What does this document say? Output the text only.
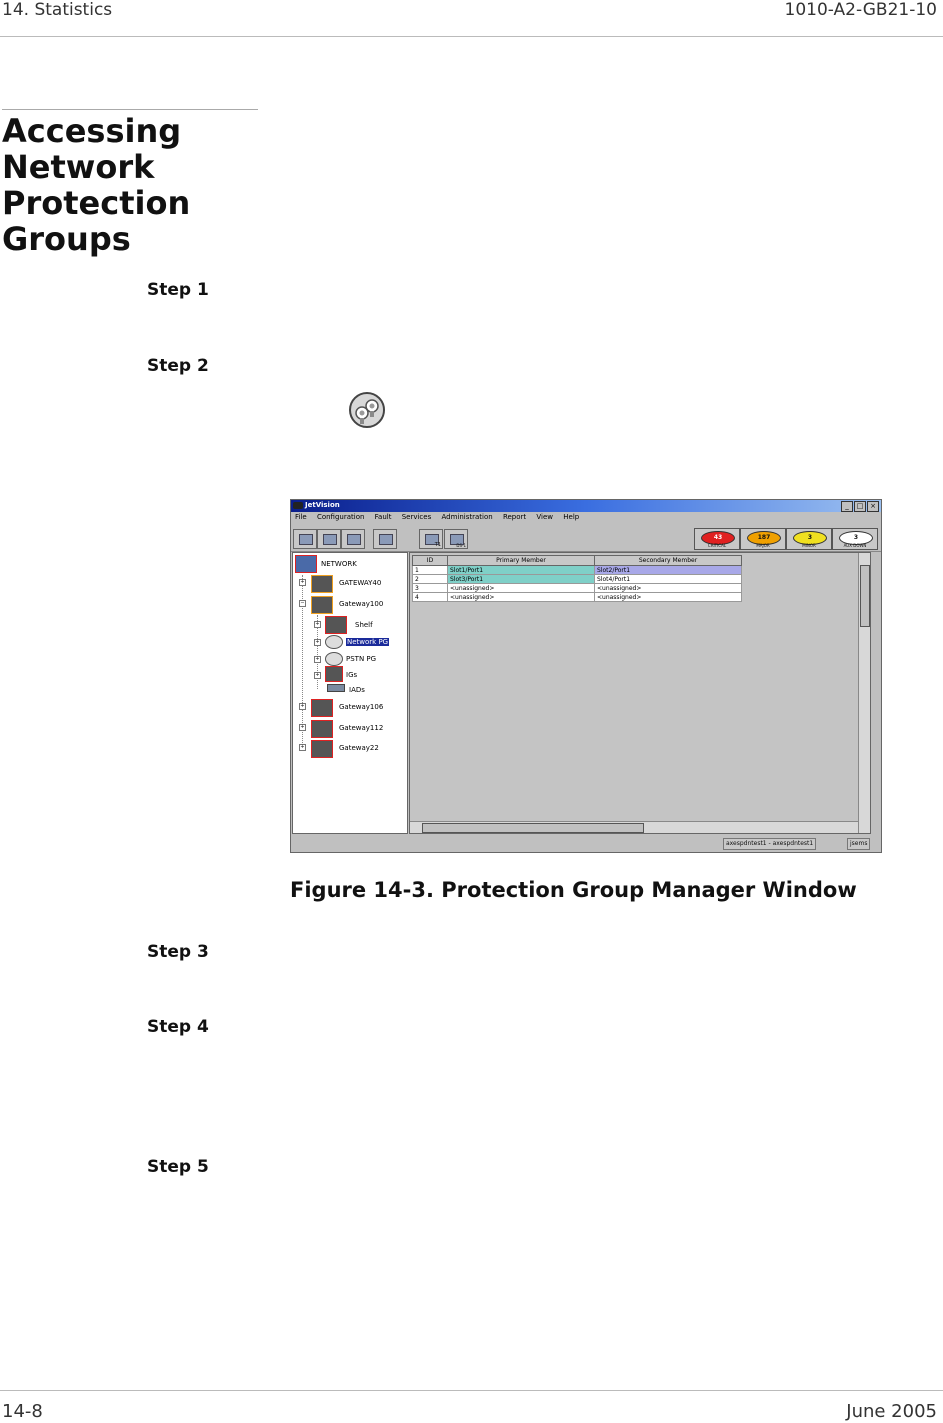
14. Statistics	1010-A2-GB21-10
Accessing Network Protection Groups
Step 1
Step 2
JetVision	_ □ ×
File Configuration Fault Services Administration Report View Help
T1	DS-1
43
CRITICAL
187
MAJOR
3
MINOR
3
AUX DOWN
NETWORK
+	GATEWAY40
−	Gateway100
+	Shelf
+	Network PG
+	PSTN PG
+	IGs
IADs
+	Gateway106
+	Gateway112
+	Gateway22
ID	Primary Member	Secondary Member
1	Slot1/Port1	Slot2/Port1
2	Slot3/Port1	Slot4/Port1
3	<unassigned>	<unassigned>
4	<unassigned>	<unassigned>
axespdntest1 - axespdntest1	jsems
Figure 14-3. Protection Group Manager Window
Step 3
Step 4
Step 5
14-8	June 2005
